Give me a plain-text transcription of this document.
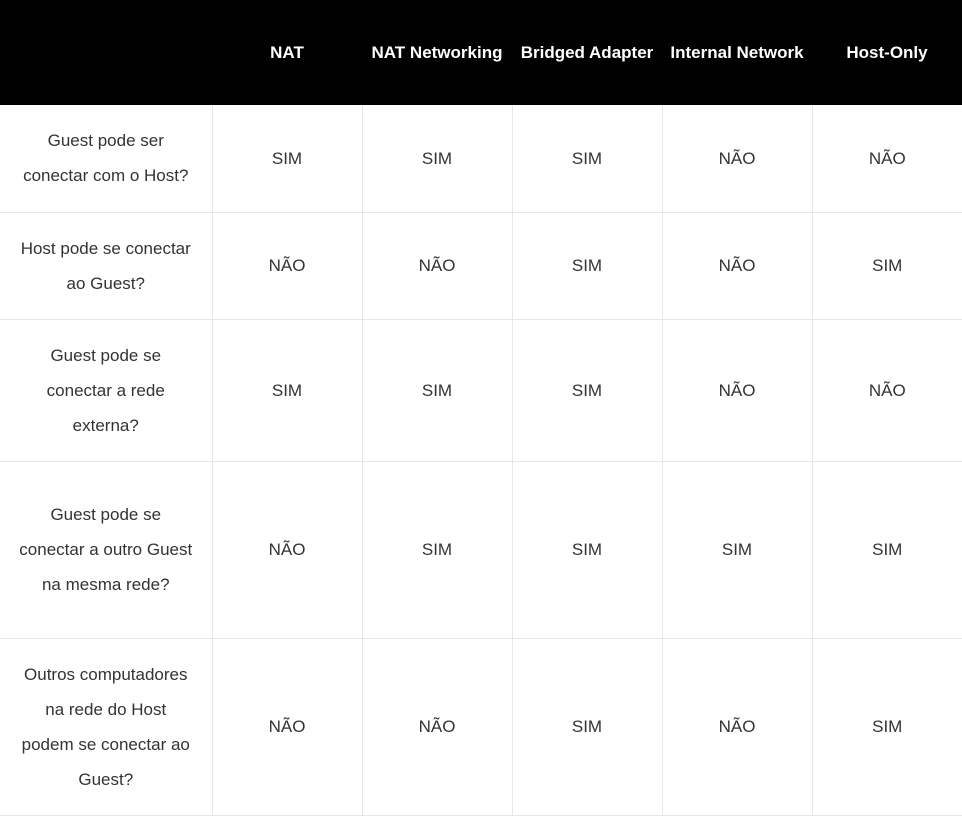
	NAT	NAT Networking	Bridged Adapter	Internal Network	Host-Only
Guest pode ser conectar com o Host?	SIM	SIM	SIM	NÃO	NÃO
Host pode se conectar ao Guest?	NÃO	NÃO	SIM	NÃO	SIM
Guest pode se conectar a rede externa?	SIM	SIM	SIM	NÃO	NÃO
Guest pode se conectar a outro Guest na mesma rede?	NÃO	SIM	SIM	SIM	SIM
Outros computadores na rede do Host podem se conectar ao Guest?	NÃO	NÃO	SIM	NÃO	SIM
